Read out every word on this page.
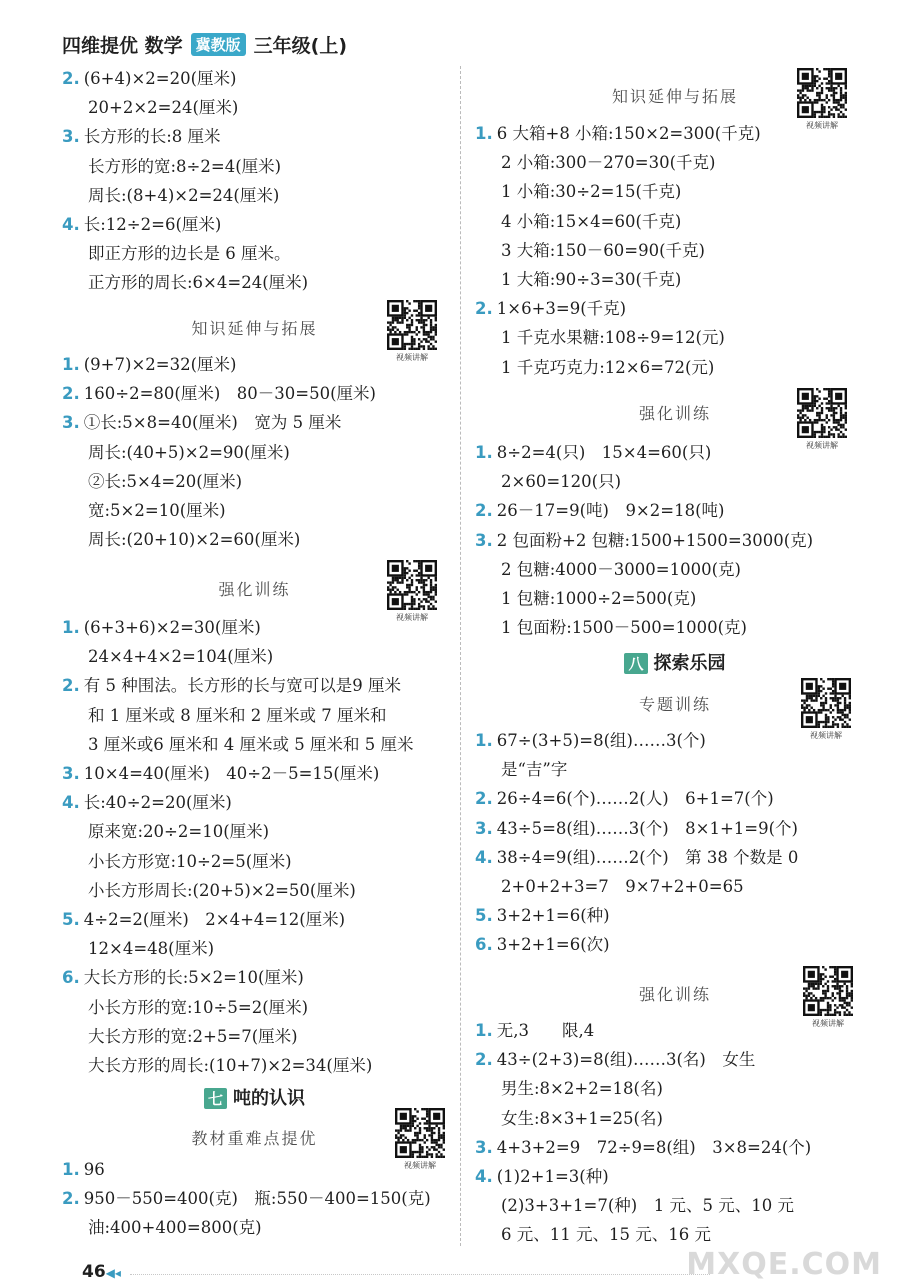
四维提优 数学 冀教版 三年级(上)
2. (6+4)×2=20(厘米)
20+2×2=24(厘米)
3. 长方形的长:8 厘米
长方形的宽:8÷2=4(厘米)
周长:(8+4)×2=24(厘米)
4. 长:12÷2=6(厘米)
即正方形的边长是 6 厘米。
正方形的周长:6×4=24(厘米)
知识延伸与拓展
视频讲解
1. (9+7)×2=32(厘米)
2. 160÷2=80(厘米)　80－30=50(厘米)
3. ①长:5×8=40(厘米)　宽为 5 厘米
周长:(40+5)×2=90(厘米)
②长:5×4=20(厘米)
宽:5×2=10(厘米)
周长:(20+10)×2=60(厘米)
强化训练
视频讲解
1. (6+3+6)×2=30(厘米)
24×4+4×2=104(厘米)
2. 有 5 种围法。长方形的长与宽可以是9 厘米
和 1 厘米或 8 厘米和 2 厘米或 7 厘米和
3 厘米或6 厘米和 4 厘米或 5 厘米和 5 厘米
3. 10×4=40(厘米)　40÷2－5=15(厘米)
4. 长:40÷2=20(厘米)
原来宽:20÷2=10(厘米)
小长方形宽:10÷2=5(厘米)
小长方形周长:(20+5)×2=50(厘米)
5. 4÷2=2(厘米)　2×4+4=12(厘米)
12×4=48(厘米)
6. 大长方形的长:5×2=10(厘米)
小长方形的宽:10÷5=2(厘米)
大长方形的宽:2+5=7(厘米)
大长方形的周长:(10+7)×2=34(厘米)
七 吨的认识
教材重难点提优
视频讲解
1. 96
2. 950－550=400(克)　瓶:550－400=150(克)
油:400+400=800(克)
知识延伸与拓展
视频讲解
1. 6 大箱+8 小箱:150×2=300(千克)
2 小箱:300－270=30(千克)
1 小箱:30÷2=15(千克)
4 小箱:15×4=60(千克)
3 大箱:150－60=90(千克)
1 大箱:90÷3=30(千克)
2. 1×6+3=9(千克)
1 千克水果糖:108÷9=12(元)
1 千克巧克力:12×6=72(元)
强化训练
视频讲解
1. 8÷2=4(只)　15×4=60(只)
2×60=120(只)
2. 26－17=9(吨)　9×2=18(吨)
3. 2 包面粉+2 包糖:1500+1500=3000(克)
2 包糖:4000－3000=1000(克)
1 包糖:1000÷2=500(克)
1 包面粉:1500－500=1000(克)
八 探索乐园
专题训练
视频讲解
1. 67÷(3+5)=8(组)……3(个)
是“吉”字
2. 26÷4=6(个)……2(人)　6+1=7(个)
3. 43÷5=8(组)……3(个)　8×1+1=9(个)
4. 38÷4=9(组)……2(个)　第 38 个数是 0
2+0+2+3=7　9×7+2+0=65
5. 3+2+1=6(种)
6. 3+2+1=6(次)
强化训练
视频讲解
1. 无,3　　限,4
2. 43÷(2+3)=8(组)……3(名)　女生
男生:8×2+2=18(名)
女生:8×3+1=25(名)
3. 4+3+2=9　72÷9=8(组)　3×8=24(个)
4. (1)2+1=3(种)
(2)3+3+1=7(种)　1 元、5 元、10 元
6 元、11 元、15 元、16 元
46◀◂	MXQE.COM
